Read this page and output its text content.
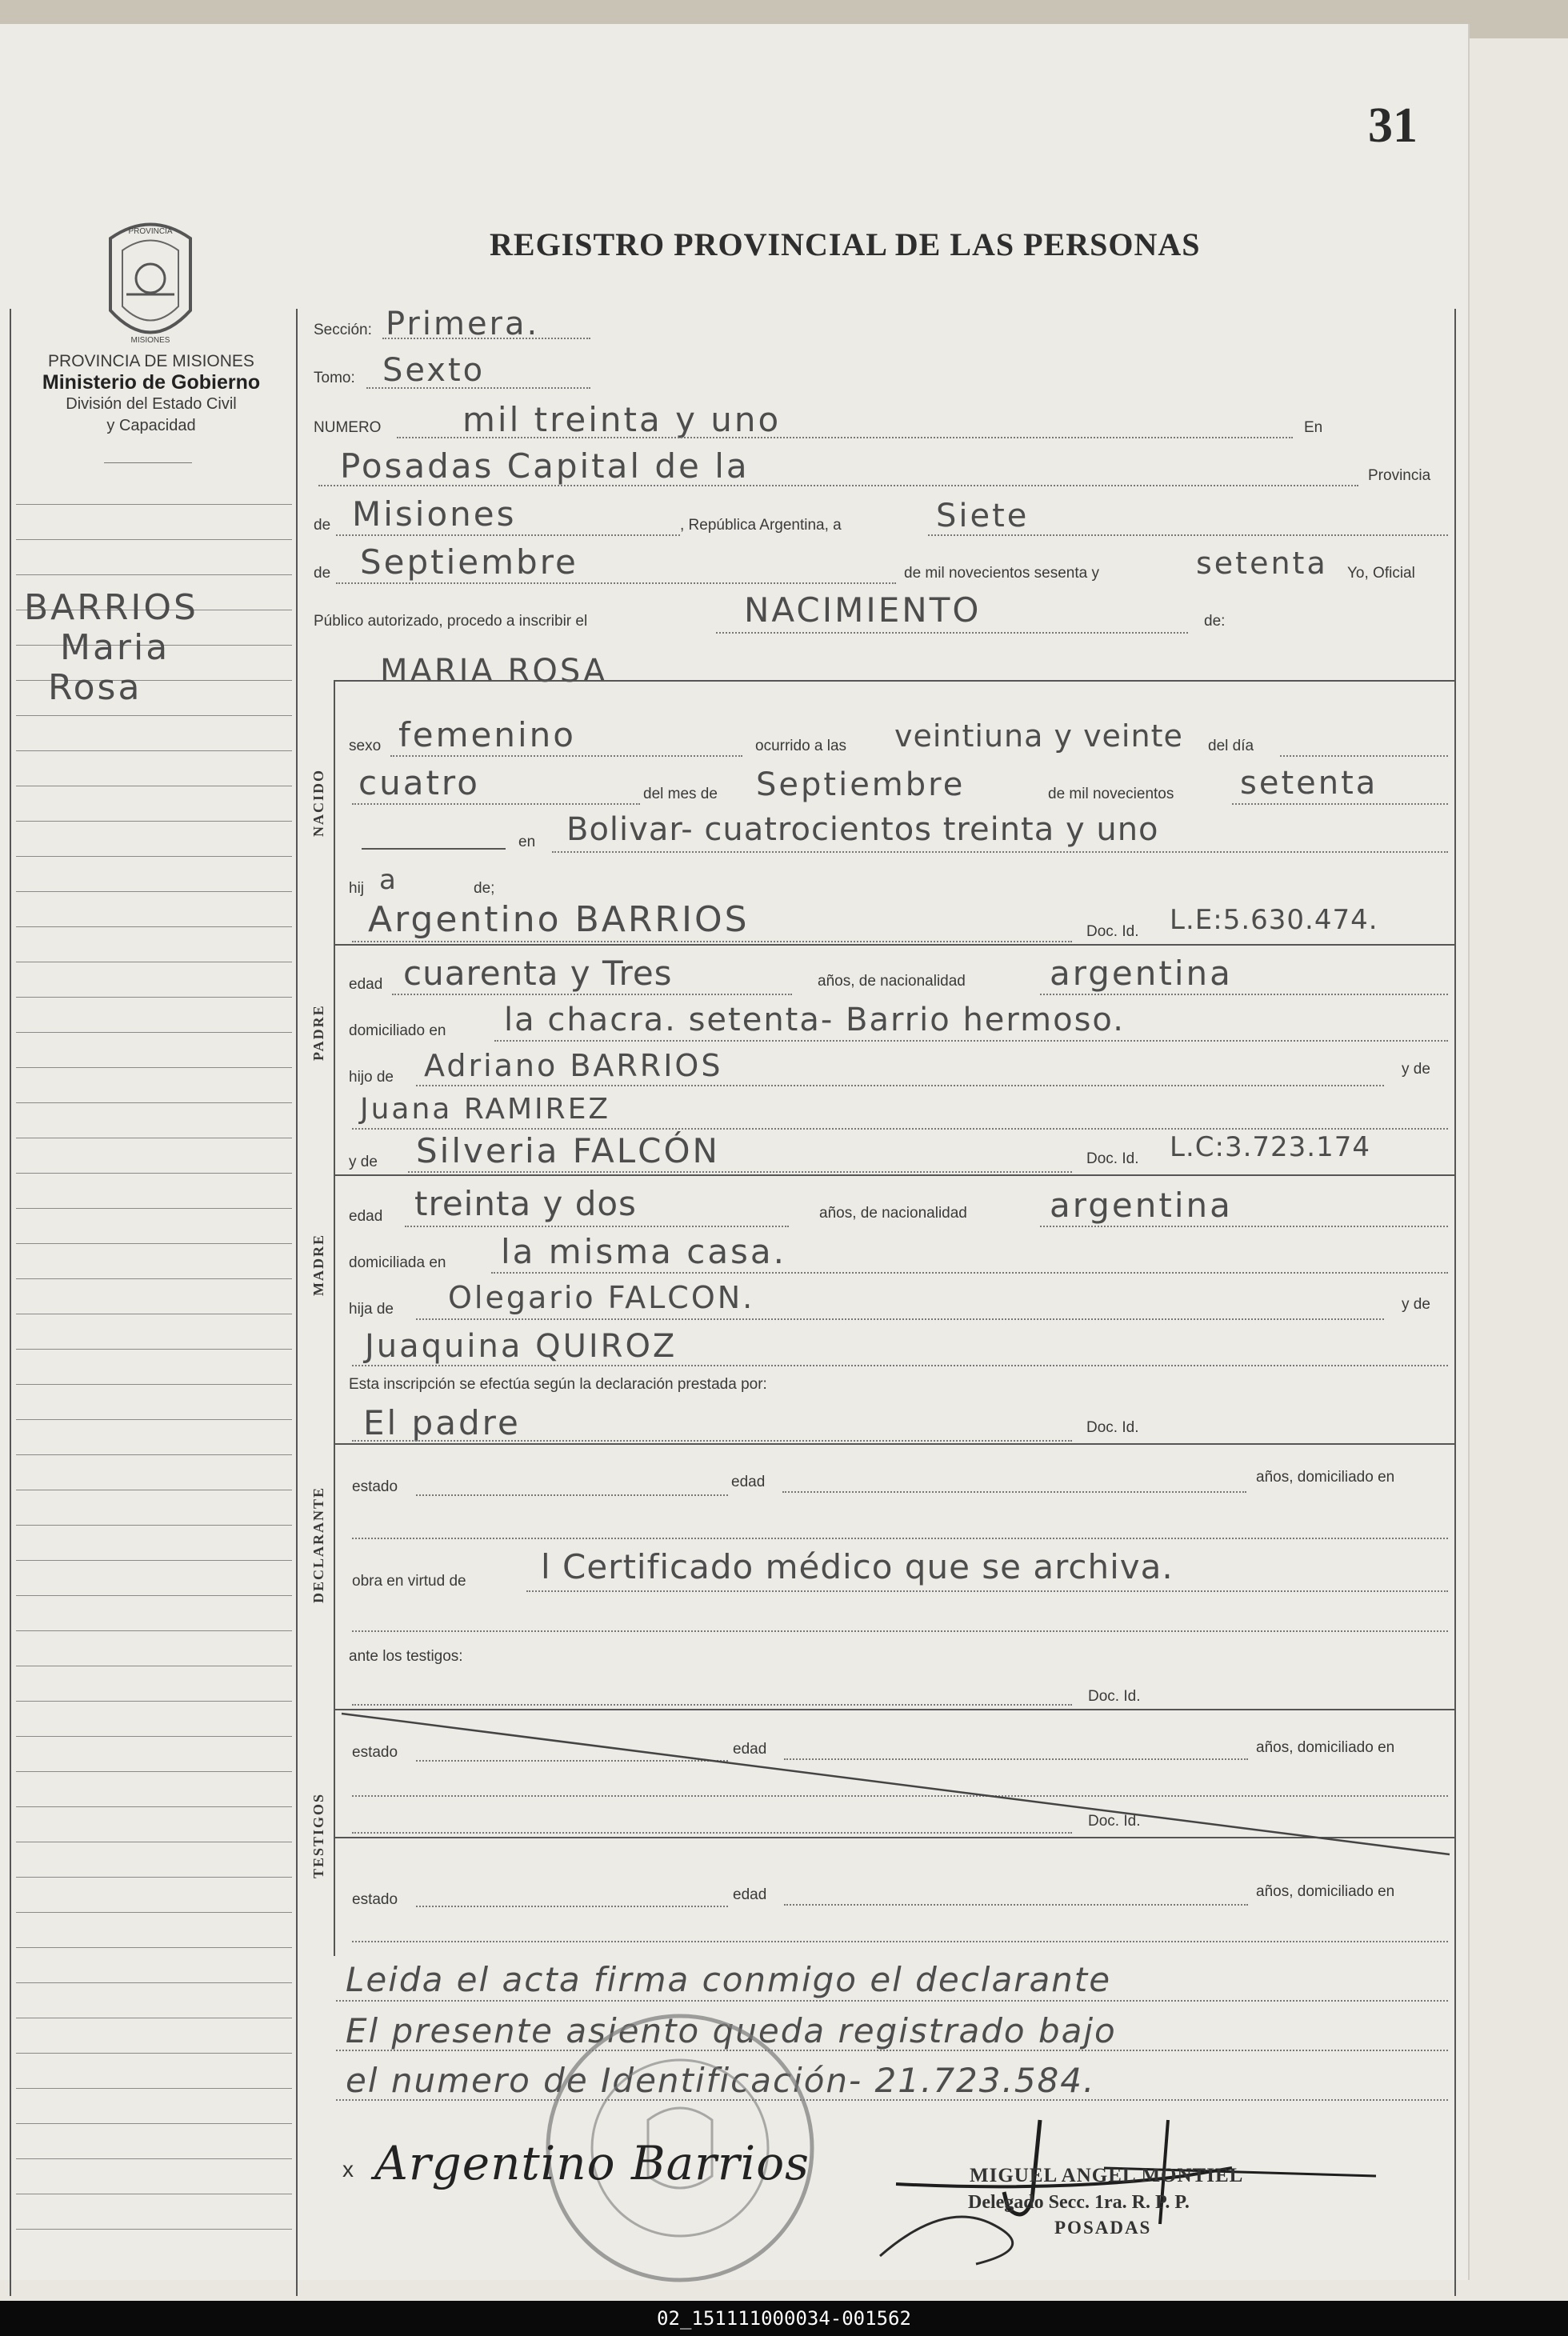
31
REGISTRO PROVINCIAL DE LAS PERSONAS
PROVINCIA
MISIONES
PROVINCIA DE MISIONES
Ministerio de Gobierno
División del Estado Civil
y Capacidad
BARRIOS
Maria
Rosa
Sección: Primera.
Tomo: Sexto
NUMERO mil treinta y uno	En
Posadas Capital de la	Provincia
de Misiones	, República Argentina, a	Siete
de Septiembre	de mil novecientos sesenta y	setenta Yo, Oficial
Público autorizado, procedo a inscribir el	NACIMIENTO	de:
MARIA ROSA
NACIDO
sexo femenino	ocurrido a las veintiuna y veinte del día
cuatro	del mes de Septiembre	de mil novecientos setenta
en Bolivar- cuatrocientos treinta y uno
hij a	de;
Argentino BARRIOS	Doc. Id. L.E:5.630.474.
PADRE
edad cuarenta y Tres	años, de nacionalidad	argentina
domiciliado en la chacra. setenta- Barrio hermoso.
hijo de Adriano BARRIOS	y de
Juana RAMIREZ
y de Silveria FALCÓN	Doc. Id. L.C:3.723.174
MADRE
edad treinta y dos	años, de nacionalidad argentina
domiciliada en la misma casa.
hija de Olegario FALCON.	y de
Juaquina QUIROZ
Esta inscripción se efectúa según la declaración prestada por:
El padre	Doc. Id.
DECLARANTE estado	edad	años, domiciliado en
obra en virtud de l Certificado médico que se archiva.
ante los testigos:
Doc. Id.
TESTIGOS
estado	edad	años, domiciliado en
Doc. Id.
estado	edad	años, domiciliado en
Leida el acta firma conmigo el declarante
El presente asiento queda registrado bajo
el numero de Identificación- 21.723.584.
x Argentino Barrios	MIGUEL ANGEL MONTIEL
Delegado Secc. 1ra. R. P. P.
POSADAS
02_151111000034-001562
